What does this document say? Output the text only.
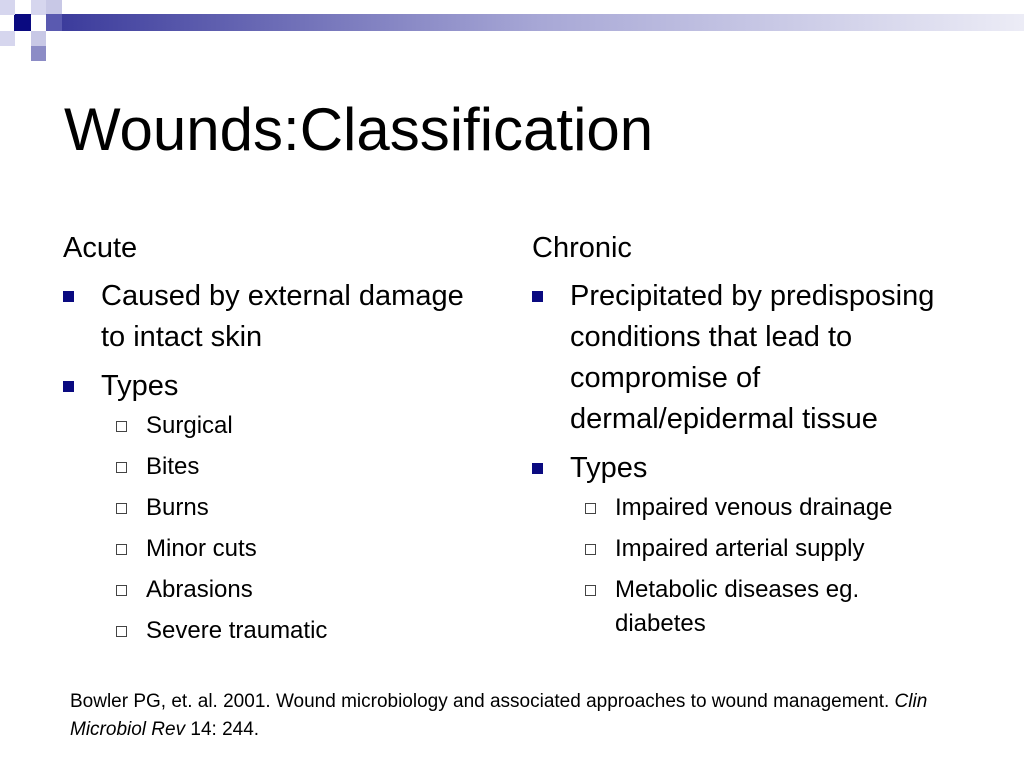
Wounds:Classification
Acute
Caused by external damage to intact skin
Types
Surgical
Bites
Burns
Minor cuts
Abrasions
Severe traumatic
Chronic
Precipitated by predisposing conditions that lead to compromise of dermal/epidermal tissue
Types
Impaired venous drainage
Impaired arterial supply
Metabolic diseases eg. diabetes
Bowler PG, et. al. 2001. Wound microbiology and associated approaches to wound management. Clin Microbiol Rev 14: 244.
